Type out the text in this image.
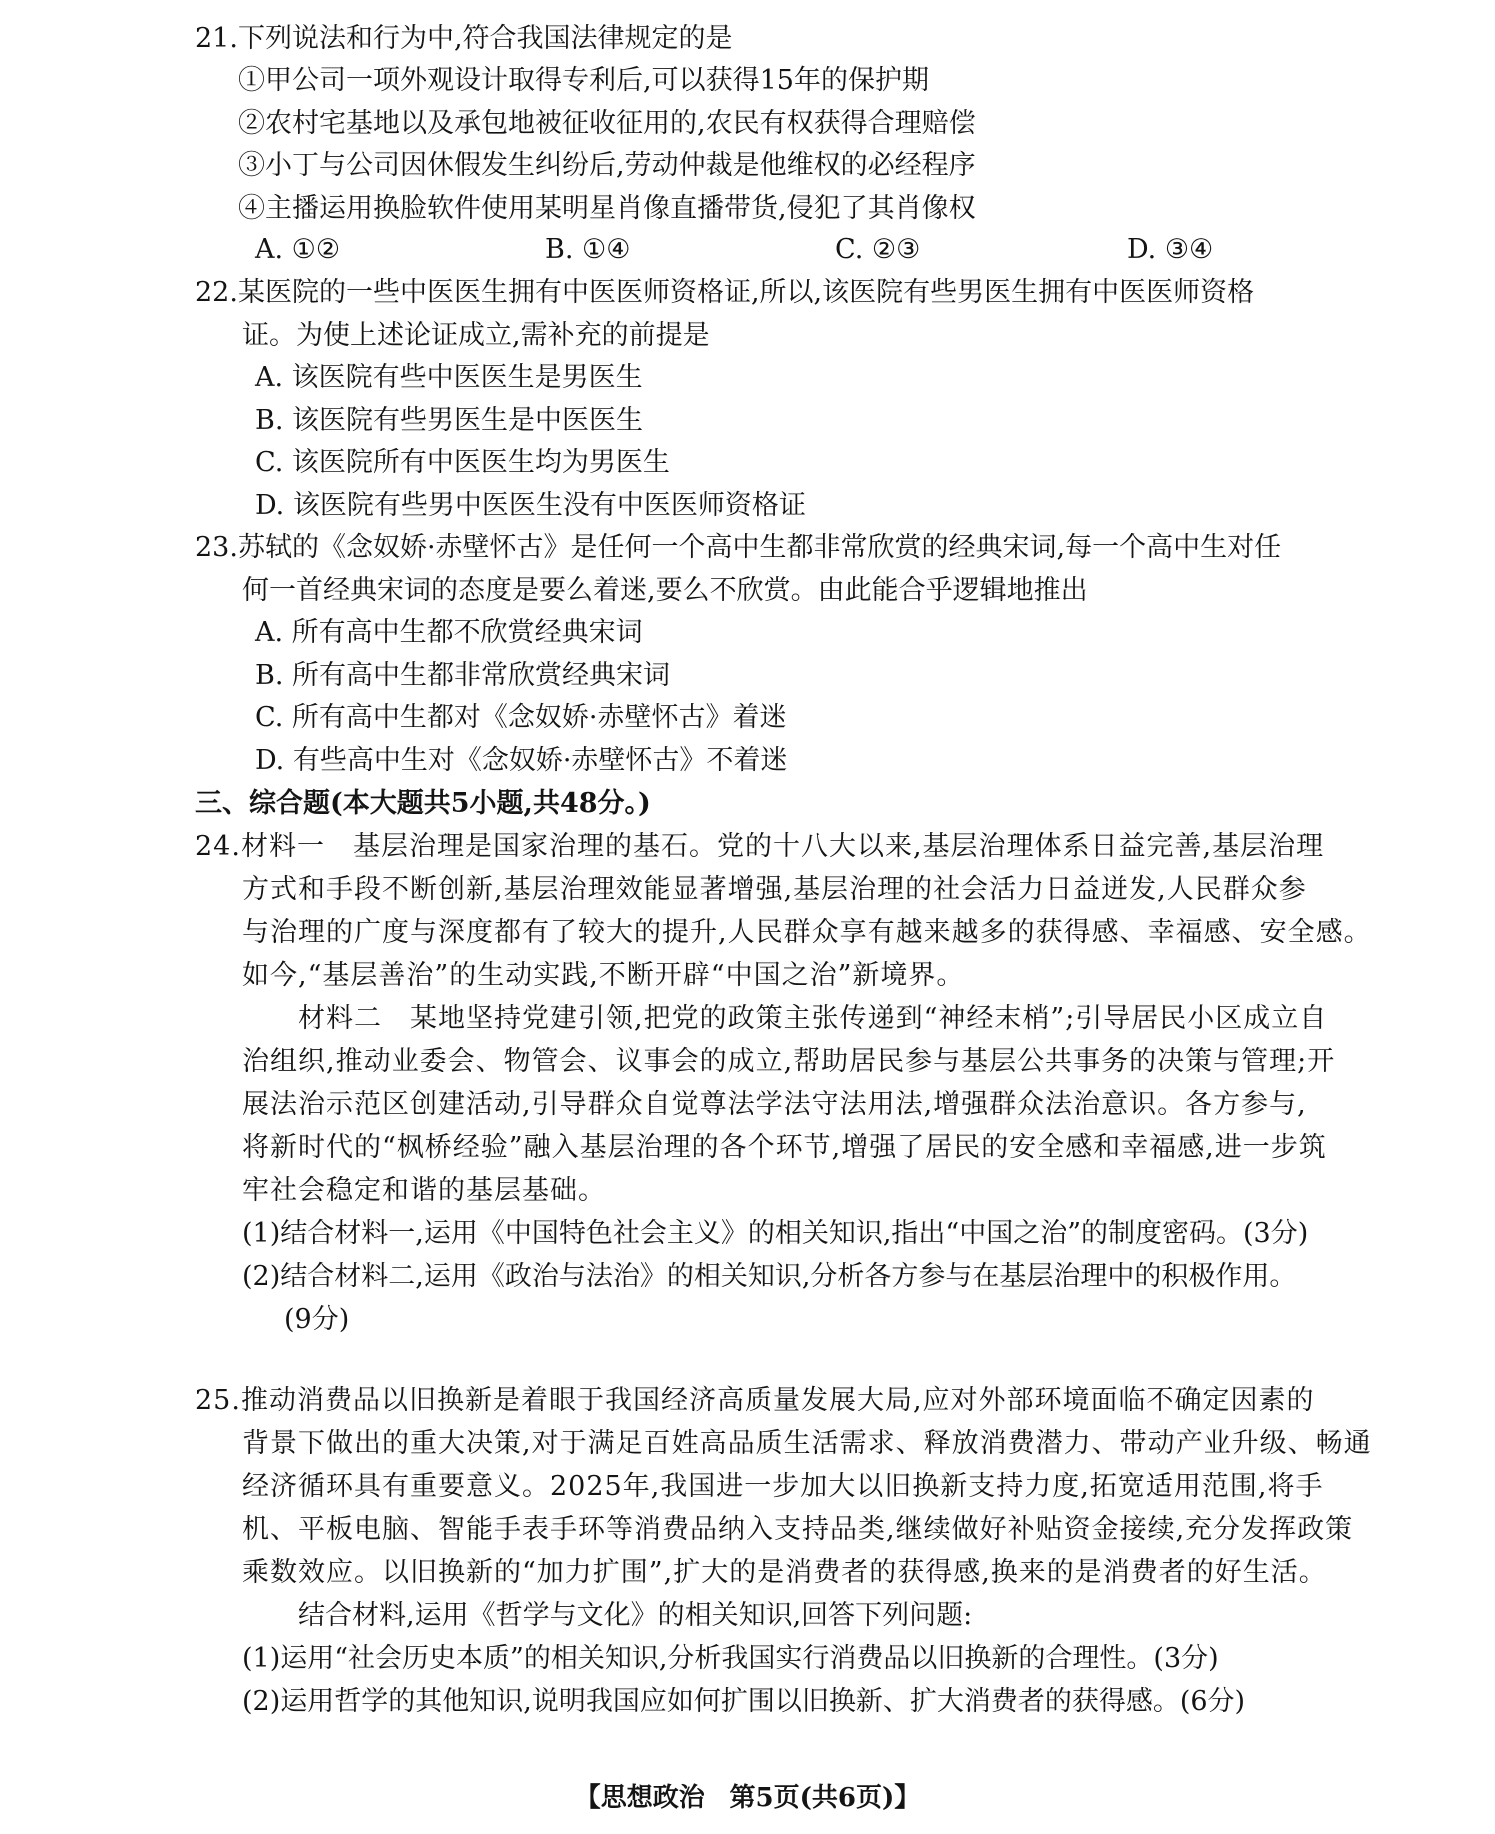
21.下列说法和行为中,符合我国法律规定的是
①甲公司一项外观设计取得专利后,可以获得15年的保护期
②农村宅基地以及承包地被征收征用的,农民有权获得合理赔偿
③小丁与公司因休假发生纠纷后,劳动仲裁是他维权的必经程序
④主播运用换脸软件使用某明星肖像直播带货,侵犯了其肖像权
A. ①②	B. ①④	C. ②③	D. ③④
22.某医院的一些中医医生拥有中医医师资格证,所以,该医院有些男医生拥有中医医师资格
证。为使上述论证成立,需补充的前提是
A. 该医院有些中医医生是男医生
B. 该医院有些男医生是中医医生
C. 该医院所有中医医生均为男医生
D. 该医院有些男中医医生没有中医医师资格证
23.苏轼的《念奴娇·赤壁怀古》是任何一个高中生都非常欣赏的经典宋词,每一个高中生对任
何一首经典宋词的态度是要么着迷,要么不欣赏。由此能合乎逻辑地推出
A. 所有高中生都不欣赏经典宋词
B. 所有高中生都非常欣赏经典宋词
C. 所有高中生都对《念奴娇·赤壁怀古》着迷
D. 有些高中生对《念奴娇·赤壁怀古》不着迷
三、综合题(本大题共5小题,共48分。)
24.材料一　基层治理是国家治理的基石。党的十八大以来,基层治理体系日益完善,基层治理
方式和手段不断创新,基层治理效能显著增强,基层治理的社会活力日益迸发,人民群众参
与治理的广度与深度都有了较大的提升,人民群众享有越来越多的获得感、幸福感、安全感。
如今,“基层善治”的生动实践,不断开辟“中国之治”新境界。
材料二　某地坚持党建引领,把党的政策主张传递到“神经末梢”;引导居民小区成立自
治组织,推动业委会、物管会、议事会的成立,帮助居民参与基层公共事务的决策与管理;开
展法治示范区创建活动,引导群众自觉尊法学法守法用法,增强群众法治意识。各方参与,
将新时代的“枫桥经验”融入基层治理的各个环节,增强了居民的安全感和幸福感,进一步筑
牢社会稳定和谐的基层基础。
(1)结合材料一,运用《中国特色社会主义》的相关知识,指出“中国之治”的制度密码。(3分)
(2)结合材料二,运用《政治与法治》的相关知识,分析各方参与在基层治理中的积极作用。
(9分)
25.推动消费品以旧换新是着眼于我国经济高质量发展大局,应对外部环境面临不确定因素的
背景下做出的重大决策,对于满足百姓高品质生活需求、释放消费潜力、带动产业升级、畅通
经济循环具有重要意义。2025年,我国进一步加大以旧换新支持力度,拓宽适用范围,将手
机、平板电脑、智能手表手环等消费品纳入支持品类,继续做好补贴资金接续,充分发挥政策
乘数效应。以旧换新的“加力扩围”,扩大的是消费者的获得感,换来的是消费者的好生活。
结合材料,运用《哲学与文化》的相关知识,回答下列问题:
(1)运用“社会历史本质”的相关知识,分析我国实行消费品以旧换新的合理性。(3分)
(2)运用哲学的其他知识,说明我国应如何扩围以旧换新、扩大消费者的获得感。(6分)
【思想政治 第5页(共6页)】
